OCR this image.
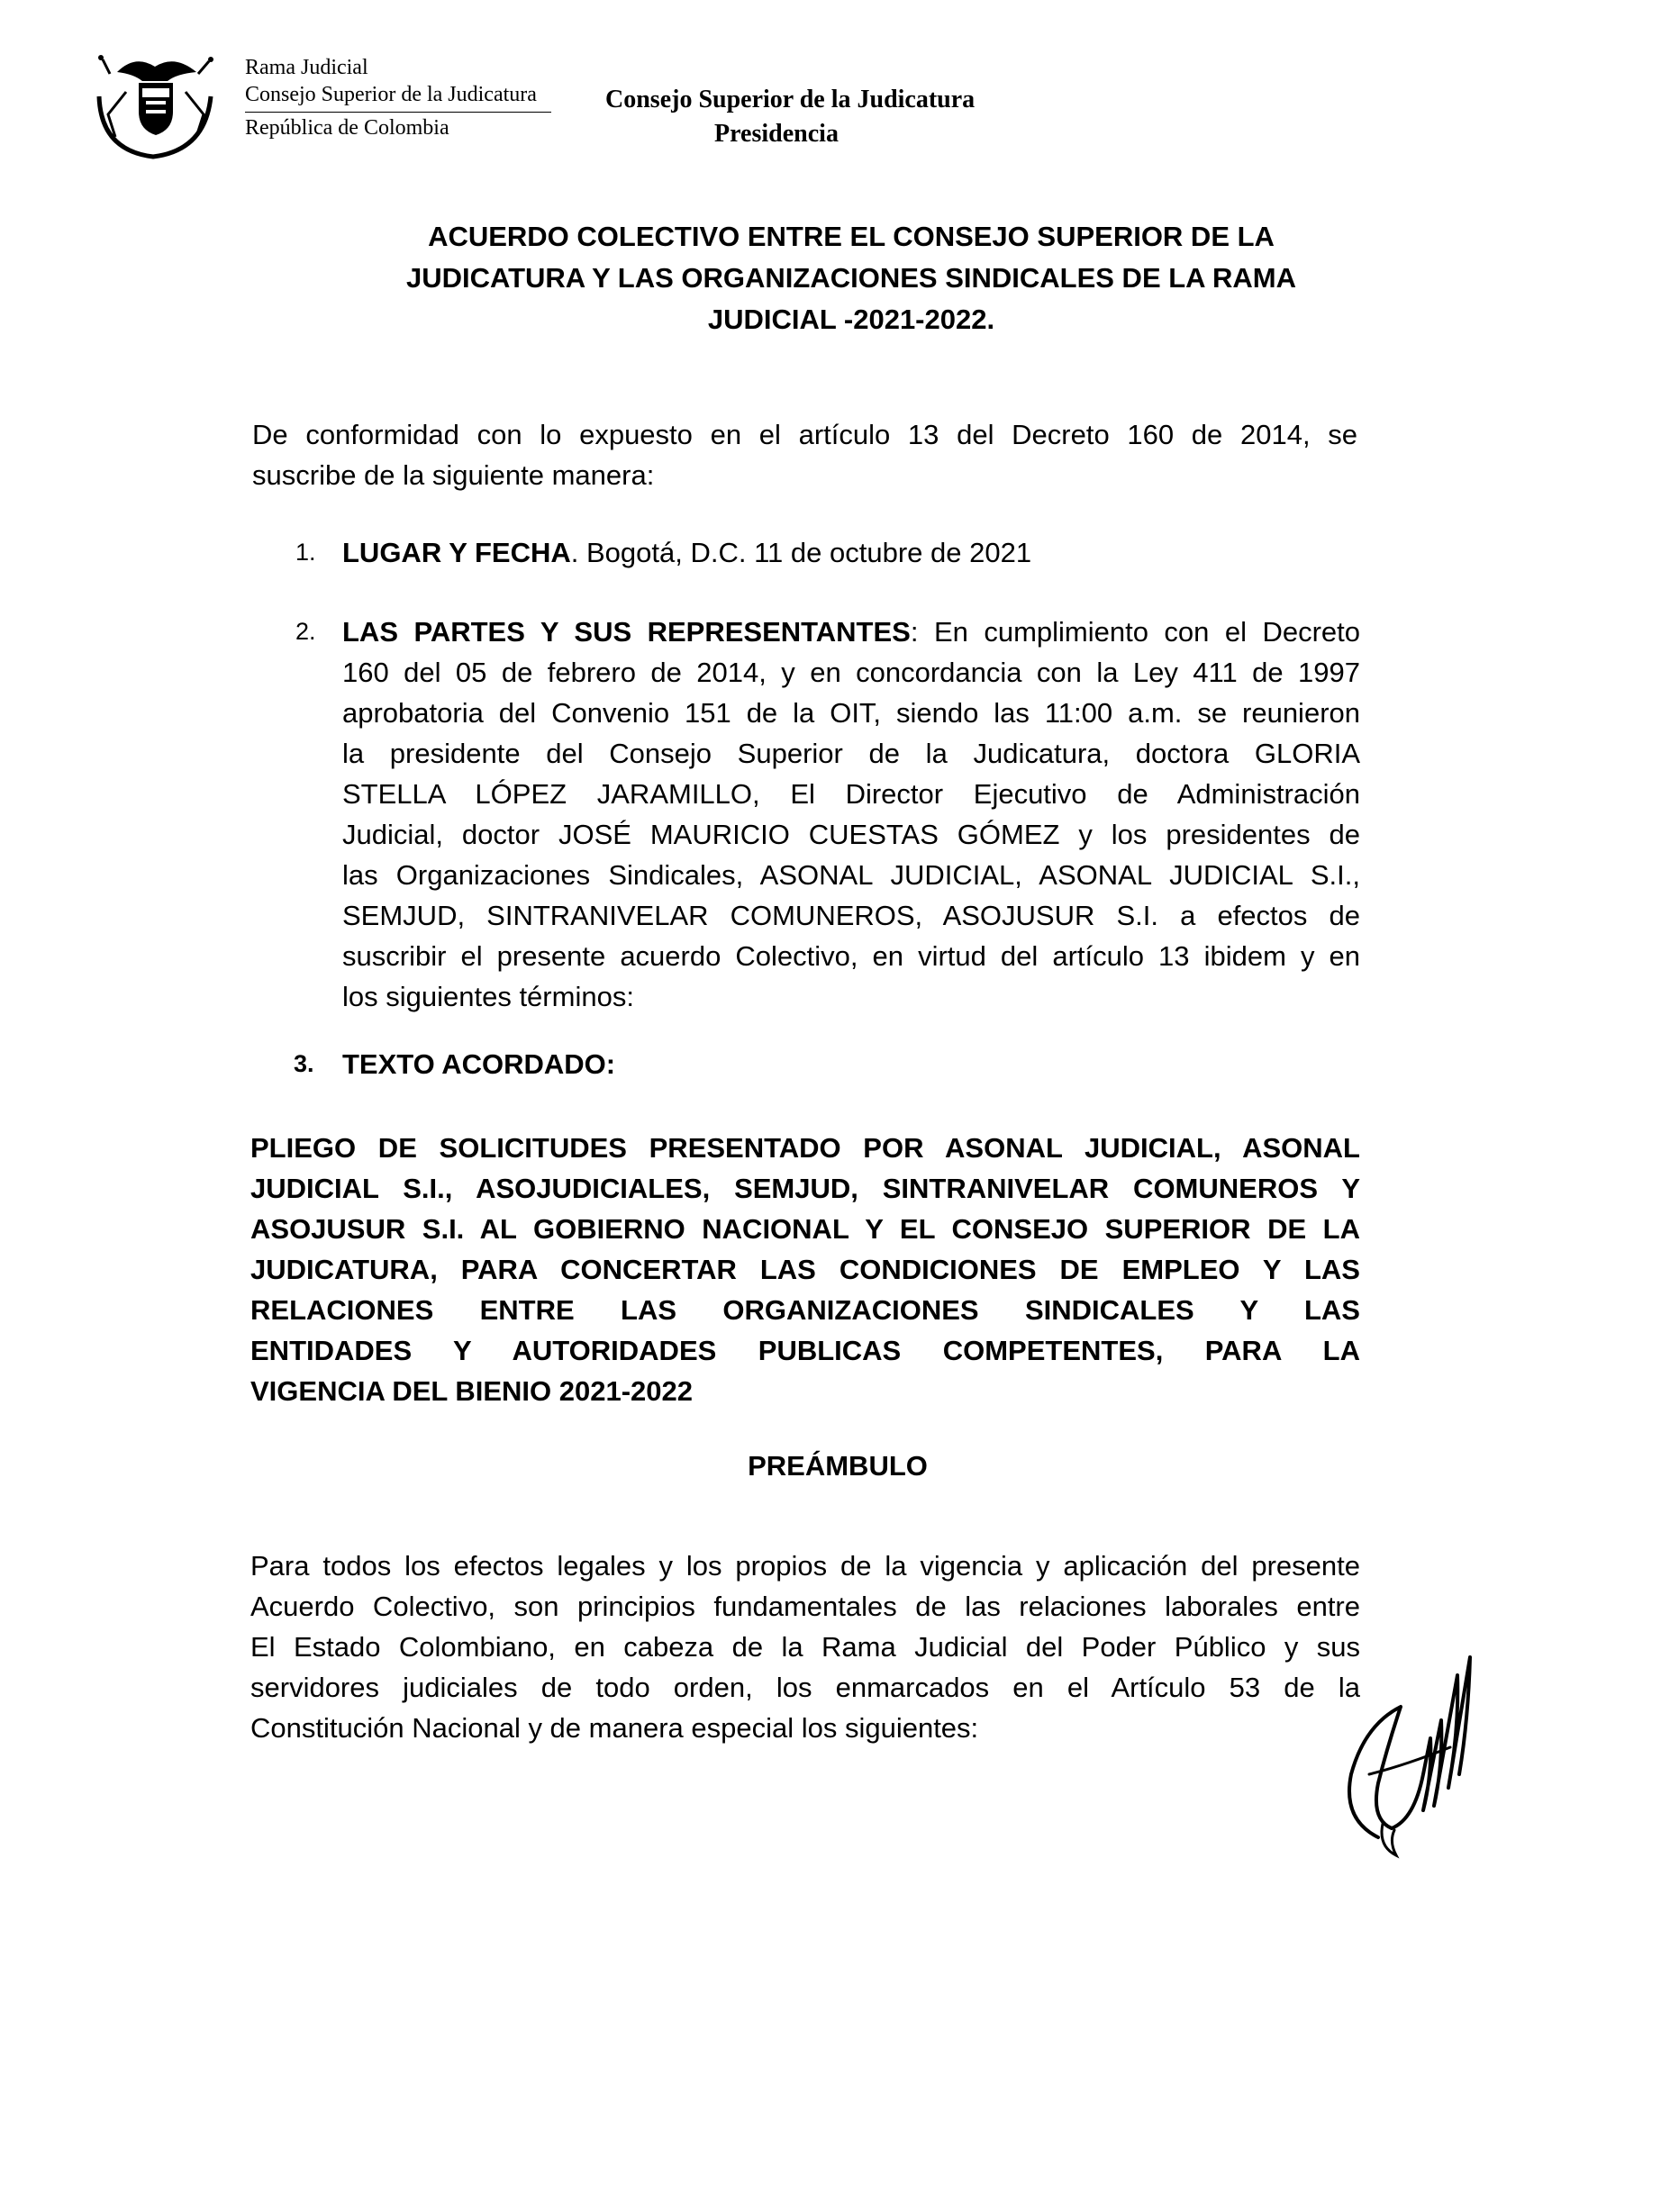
Rama Judicial
Consejo Superior de la Judicatura
República de Colombia
Consejo Superior de la Judicatura
Presidencia
ACUERDO COLECTIVO ENTRE EL CONSEJO SUPERIOR DE LA
JUDICATURA Y LAS ORGANIZACIONES SINDICALES DE LA RAMA
JUDICIAL -2021-2022.
De conformidad con lo expuesto en el artículo 13 del Decreto 160 de 2014, se
suscribe de la siguiente manera:
1. LUGAR Y FECHA. Bogotá, D.C. 11 de octubre de 2021
2. LAS PARTES Y SUS REPRESENTANTES: En cumplimiento con el Decreto
160 del 05 de febrero de 2014, y en concordancia con la Ley 411 de 1997
aprobatoria del Convenio 151 de la OIT, siendo las 11:00 a.m. se reunieron
la presidente del Consejo Superior de la Judicatura, doctora GLORIA
STELLA LÓPEZ JARAMILLO, El Director Ejecutivo de Administración
Judicial, doctor JOSÉ MAURICIO CUESTAS GÓMEZ y los presidentes de
las Organizaciones Sindicales, ASONAL JUDICIAL, ASONAL JUDICIAL S.I.,
SEMJUD, SINTRANIVELAR COMUNEROS, ASOJUSUR S.I. a efectos de
suscribir el presente acuerdo Colectivo, en virtud del artículo 13 ibidem y en
los siguientes términos:
3. TEXTO ACORDADO:
PLIEGO DE SOLICITUDES PRESENTADO POR ASONAL JUDICIAL, ASONAL
JUDICIAL S.I., ASOJUDICIALES, SEMJUD, SINTRANIVELAR COMUNEROS Y
ASOJUSUR S.I. AL GOBIERNO NACIONAL Y EL CONSEJO SUPERIOR DE LA
JUDICATURA, PARA CONCERTAR LAS CONDICIONES DE EMPLEO Y LAS
RELACIONES ENTRE LAS ORGANIZACIONES SINDICALES Y LAS
ENTIDADES Y AUTORIDADES PUBLICAS COMPETENTES, PARA LA
VIGENCIA DEL BIENIO 2021-2022
PREÁMBULO
Para todos los efectos legales y los propios de la vigencia y aplicación del presente
Acuerdo Colectivo, son principios fundamentales de las relaciones laborales entre
El Estado Colombiano, en cabeza de la Rama Judicial del Poder Público y sus
servidores judiciales de todo orden, los enmarcados en el Artículo 53 de la
Constitución Nacional y de manera especial los siguientes:
